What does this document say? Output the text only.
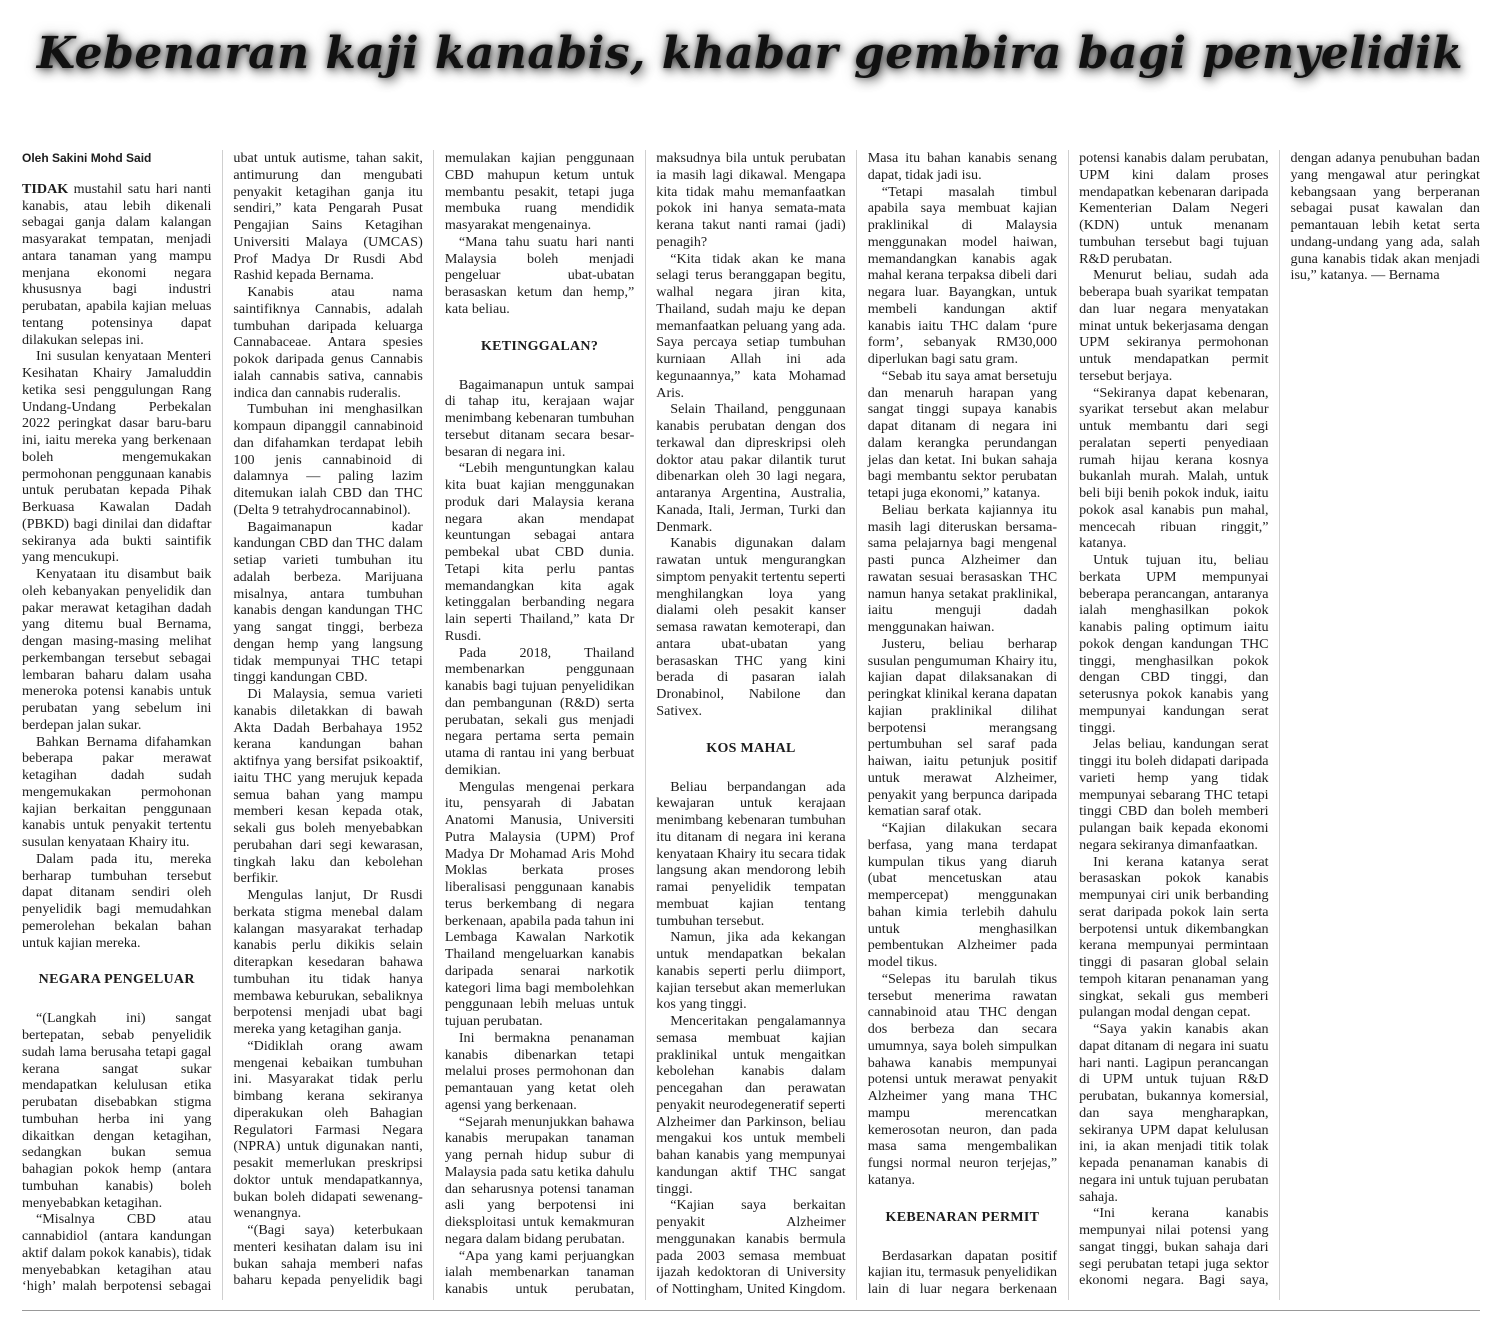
Kebenaran kaji kanabis, khabar gembira bagi penyelidik
Oleh Sakini Mohd Said

TIDAK mustahil satu hari nanti kanabis, atau lebih dikenali sebagai ganja dalam kalangan masyarakat tempatan, menjadi antara tanaman yang mampu menjana ekonomi negara khususnya bagi industri perubatan, apabila kajian meluas tentang potensinya dapat dilakukan selepas ini.

Ini susulan kenyataan Menteri Kesihatan Khairy Jamaluddin ketika sesi penggulungan Rang Undang-Undang Perbekalan 2022 peringkat dasar baru-baru ini, iaitu mereka yang berkenaan boleh mengemukakan permohonan penggunaan kanabis untuk perubatan kepada Pihak Berkuasa Kawalan Dadah (PBKD) bagi dinilai dan didaftar sekiranya ada bukti saintifik yang mencukupi.

Kenyataan itu disambut baik oleh kebanyakan penyelidik dan pakar merawat ketagihan dadah yang ditemu bual Bernama, dengan masing-masing melihat perkembangan tersebut sebagai lembaran baharu dalam usaha meneroka potensi kanabis untuk perubatan yang sebelum ini berdepan jalan sukar.

Bahkan Bernama difahamkan beberapa pakar merawat ketagihan dadah sudah mengemukakan permohonan kajian berkaitan penggunaan kanabis untuk penyakit tertentu susulan kenyataan Khairy itu.

Dalam pada itu, mereka berharap tumbuhan tersebut dapat ditanam sendiri oleh penyelidik bagi memudahkan pemerolehan bekalan bahan untuk kajian mereka.

NEGARA PENGELUAR

“(Langkah ini) sangat bertepatan, sebab penyelidik sudah lama berusaha tetapi gagal kerana sangat sukar mendapatkan kelulusan etika perubatan disebabkan stigma tumbuhan herba ini yang dikaitkan dengan ketagihan, sedangkan bukan semua bahagian pokok hemp (antara tumbuhan kanabis) boleh menyebabkan ketagihan.

“Misalnya CBD atau cannabidiol (antara kandungan aktif dalam pokok kanabis), tidak menyebabkan ketagihan atau ‘high’ malah berpotensi sebagai ubat untuk autisme, tahan sakit, antimurung dan mengubati penyakit ketagihan ganja itu sendiri,” kata Pengarah Pusat Pengajian Sains Ketagihan Universiti Malaya (UMCAS) Prof Madya Dr Rusdi Abd Rashid kepada Bernama.

Kanabis atau nama saintifiknya Cannabis, adalah tumbuhan daripada keluarga Cannabaceae. Antara spesies pokok daripada genus Cannabis ialah cannabis sativa, cannabis indica dan cannabis ruderalis.

Tumbuhan ini menghasilkan kompaun dipanggil cannabinoid dan difahamkan terdapat lebih 100 jenis cannabinoid di dalamnya — paling lazim ditemukan ialah CBD dan THC (Delta 9 tetrahydrocannabinol).

Bagaimanapun kadar kandungan CBD dan THC dalam setiap varieti tumbuhan itu adalah berbeza. Marijuana misalnya, antara tumbuhan kanabis dengan kandungan THC yang sangat tinggi, berbeza dengan hemp yang langsung tidak mempunyai THC tetapi tinggi kandungan CBD.

Di Malaysia, semua varieti kanabis diletakkan di bawah Akta Dadah Berbahaya 1952 kerana kandungan bahan aktifnya yang bersifat psikoaktif, iaitu THC yang merujuk kepada semua bahan yang mampu memberi kesan kepada otak, sekali gus boleh menyebabkan perubahan dari segi kewarasan, tingkah laku dan kebolehan berfikir.

Mengulas lanjut, Dr Rusdi berkata stigma menebal dalam kalangan masyarakat terhadap kanabis perlu dikikis selain diterapkan kesedaran bahawa tumbuhan itu tidak hanya membawa keburukan, sebaliknya berpotensi menjadi ubat bagi mereka yang ketagihan ganja.

“Didiklah orang awam mengenai kebaikan tumbuhan ini. Masyarakat tidak perlu bimbang kerana sekiranya diperakukan oleh Bahagian Regulatori Farmasi Negara (NPRA) untuk digunakan nanti, pesakit memerlukan preskripsi doktor untuk mendapatkannya, bukan boleh didapati sewenang-wenangnya.

“(Bagi saya) keterbukaan menteri kesihatan dalam isu ini bukan sahaja memberi nafas baharu kepada penyelidik bagi memulakan kajian penggunaan CBD mahupun ketum untuk membantu pesakit, tetapi juga membuka ruang mendidik masyarakat mengenainya.

“Mana tahu suatu hari nanti Malaysia boleh menjadi pengeluar ubat-ubatan berasaskan ketum dan hemp,” kata beliau.

KETINGGALAN?

Bagaimanapun untuk sampai di tahap itu, kerajaan wajar menimbang kebenaran tumbuhan tersebut ditanam secara besar-besaran di negara ini.

“Lebih menguntungkan kalau kita buat kajian menggunakan produk dari Malaysia kerana negara akan mendapat keuntungan sebagai antara pembekal ubat CBD dunia. Tetapi kita perlu pantas memandangkan kita agak ketinggalan berbanding negara lain seperti Thailand,” kata Dr Rusdi.

Pada 2018, Thailand membenarkan penggunaan kanabis bagi tujuan penyelidikan dan pembangunan (R&D) serta perubatan, sekali gus menjadi negara pertama serta pemain utama di rantau ini yang berbuat demikian.

Mengulas mengenai perkara itu, pensyarah di Jabatan Anatomi Manusia, Universiti Putra Malaysia (UPM) Prof Madya Dr Mohamad Aris Mohd Moklas berkata proses liberalisasi penggunaan kanabis terus berkembang di negara berkenaan, apabila pada tahun ini Lembaga Kawalan Narkotik Thailand mengeluarkan kanabis daripada senarai narkotik kategori lima bagi membolehkan penggunaan lebih meluas untuk tujuan perubatan.

Ini bermakna penanaman kanabis dibenarkan tetapi melalui proses permohonan dan pemantauan yang ketat oleh agensi yang berkenaan.

“Sejarah menunjukkan bahawa kanabis merupakan tanaman yang pernah hidup subur di Malaysia pada satu ketika dahulu dan seharusnya potensi tanaman asli yang berpotensi ini dieksploitasi untuk kemakmuran negara dalam bidang perubatan.

“Apa yang kami perjuangkan ialah membenarkan tanaman kanabis untuk perubatan, maksudnya bila untuk perubatan ia masih lagi dikawal. Mengapa kita tidak mahu memanfaatkan pokok ini hanya semata-mata kerana takut nanti ramai (jadi) penagih?

“Kita tidak akan ke mana selagi terus beranggapan begitu, walhal negara jiran kita, Thailand, sudah maju ke depan memanfaatkan peluang yang ada. Saya percaya setiap tumbuhan kurniaan Allah ini ada kegunaannya,” kata Mohamad Aris.

Selain Thailand, penggunaan kanabis perubatan dengan dos terkawal dan dipreskripsi oleh doktor atau pakar dilantik turut dibenarkan oleh 30 lagi negara, antaranya Argentina, Australia, Kanada, Itali, Jerman, Turki dan Denmark.

Kanabis digunakan dalam rawatan untuk mengurangkan simptom penyakit tertentu seperti menghilangkan loya yang dialami oleh pesakit kanser semasa rawatan kemoterapi, dan antara ubat-ubatan yang berasaskan THC yang kini berada di pasaran ialah Dronabinol, Nabilone dan Sativex.

KOS MAHAL

Beliau berpandangan ada kewajaran untuk kerajaan menimbang kebenaran tumbuhan itu ditanam di negara ini kerana kenyataan Khairy itu secara tidak langsung akan mendorong lebih ramai penyelidik tempatan membuat kajian tentang tumbuhan tersebut.

Namun, jika ada kekangan untuk mendapatkan bekalan kanabis seperti perlu diimport, kajian tersebut akan memerlukan kos yang tinggi.

Menceritakan pengalamannya semasa membuat kajian praklinikal untuk mengaitkan kebolehan kanabis dalam pencegahan dan perawatan penyakit neurodegeneratif seperti Alzheimer dan Parkinson, beliau mengakui kos untuk membeli bahan kanabis yang mempunyai kandungan aktif THC sangat tinggi.

“Kajian saya berkaitan penyakit Alzheimer menggunakan kanabis bermula pada 2003 semasa membuat ijazah kedoktoran di University of Nottingham, United Kingdom. Masa itu bahan kanabis senang dapat, tidak jadi isu.

“Tetapi masalah timbul apabila saya membuat kajian praklinikal di Malaysia menggunakan model haiwan, memandangkan kanabis agak mahal kerana terpaksa dibeli dari negara luar. Bayangkan, untuk membeli kandungan aktif kanabis iaitu THC dalam ‘pure form’, sebanyak RM30,000 diperlukan bagi satu gram.

“Sebab itu saya amat bersetuju dan menaruh harapan yang sangat tinggi supaya kanabis dapat ditanam di negara ini dalam kerangka perundangan jelas dan ketat. Ini bukan sahaja bagi membantu sektor perubatan tetapi juga ekonomi,” katanya.

Beliau berkata kajiannya itu masih lagi diteruskan bersama-sama pelajarnya bagi mengenal pasti punca Alzheimer dan rawatan sesuai berasaskan THC namun hanya setakat praklinikal, iaitu menguji dadah menggunakan haiwan.

Justeru, beliau berharap susulan pengumuman Khairy itu, kajian dapat dilaksanakan di peringkat klinikal kerana dapatan kajian praklinikal dilihat berpotensi merangsang pertumbuhan sel saraf pada haiwan, iaitu petunjuk positif untuk merawat Alzheimer, penyakit yang berpunca daripada kematian saraf otak.

“Kajian dilakukan secara berfasa, yang mana terdapat kumpulan tikus yang diaruh (ubat mencetuskan atau mempercepat) menggunakan bahan kimia terlebih dahulu untuk menghasilkan pembentukan Alzheimer pada model tikus.

“Selepas itu barulah tikus tersebut menerima rawatan cannabinoid atau THC dengan dos berbeza dan secara umumnya, saya boleh simpulkan bahawa kanabis mempunyai potensi untuk merawat penyakit Alzheimer yang mana THC mampu merencatkan kemerosotan neuron, dan pada masa sama mengembalikan fungsi normal neuron terjejas,” katanya.

KEBENARAN PERMIT

Berdasarkan dapatan positif kajian itu, termasuk penyelidikan lain di luar negara berkenaan potensi kanabis dalam perubatan, UPM kini dalam proses mendapatkan kebenaran daripada Kementerian Dalam Negeri (KDN) untuk menanam tumbuhan tersebut bagi tujuan R&D perubatan.

Menurut beliau, sudah ada beberapa buah syarikat tempatan dan luar negara menyatakan minat untuk bekerjasama dengan UPM sekiranya permohonan untuk mendapatkan permit tersebut berjaya.

“Sekiranya dapat kebenaran, syarikat tersebut akan melabur untuk membantu dari segi peralatan seperti penyediaan rumah hijau kerana kosnya bukanlah murah. Malah, untuk beli biji benih pokok induk, iaitu pokok asal kanabis pun mahal, mencecah ribuan ringgit,” katanya.

Untuk tujuan itu, beliau berkata UPM mempunyai beberapa perancangan, antaranya ialah menghasilkan pokok kanabis paling optimum iaitu pokok dengan kandungan THC tinggi, menghasilkan pokok dengan CBD tinggi, dan seterusnya pokok kanabis yang mempunyai kandungan serat tinggi.

Jelas beliau, kandungan serat tinggi itu boleh didapati daripada varieti hemp yang tidak mempunyai sebarang THC tetapi tinggi CBD dan boleh memberi pulangan baik kepada ekonomi negara sekiranya dimanfaatkan.

Ini kerana katanya serat berasaskan pokok kanabis mempunyai ciri unik berbanding serat daripada pokok lain serta berpotensi untuk dikembangkan kerana mempunyai permintaan tinggi di pasaran global selain tempoh kitaran penanaman yang singkat, sekali gus memberi pulangan modal dengan cepat.

“Saya yakin kanabis akan dapat ditanam di negara ini suatu hari nanti. Lagipun perancangan di UPM untuk tujuan R&D perubatan, bukannya komersial, dan saya mengharapkan, sekiranya UPM dapat kelulusan ini, ia akan menjadi titik tolak kepada penanaman kanabis di negara ini untuk tujuan perubatan sahaja.

“Ini kerana kanabis mempunyai nilai potensi yang sangat tinggi, bukan sahaja dari segi perubatan tetapi juga sektor ekonomi negara. Bagi saya, dengan adanya penubuhan badan yang mengawal atur peringkat kebangsaan yang berperanan sebagai pusat kawalan dan pemantauan lebih ketat serta undang-undang yang ada, salah guna kanabis tidak akan menjadi isu,” katanya. — Bernama
